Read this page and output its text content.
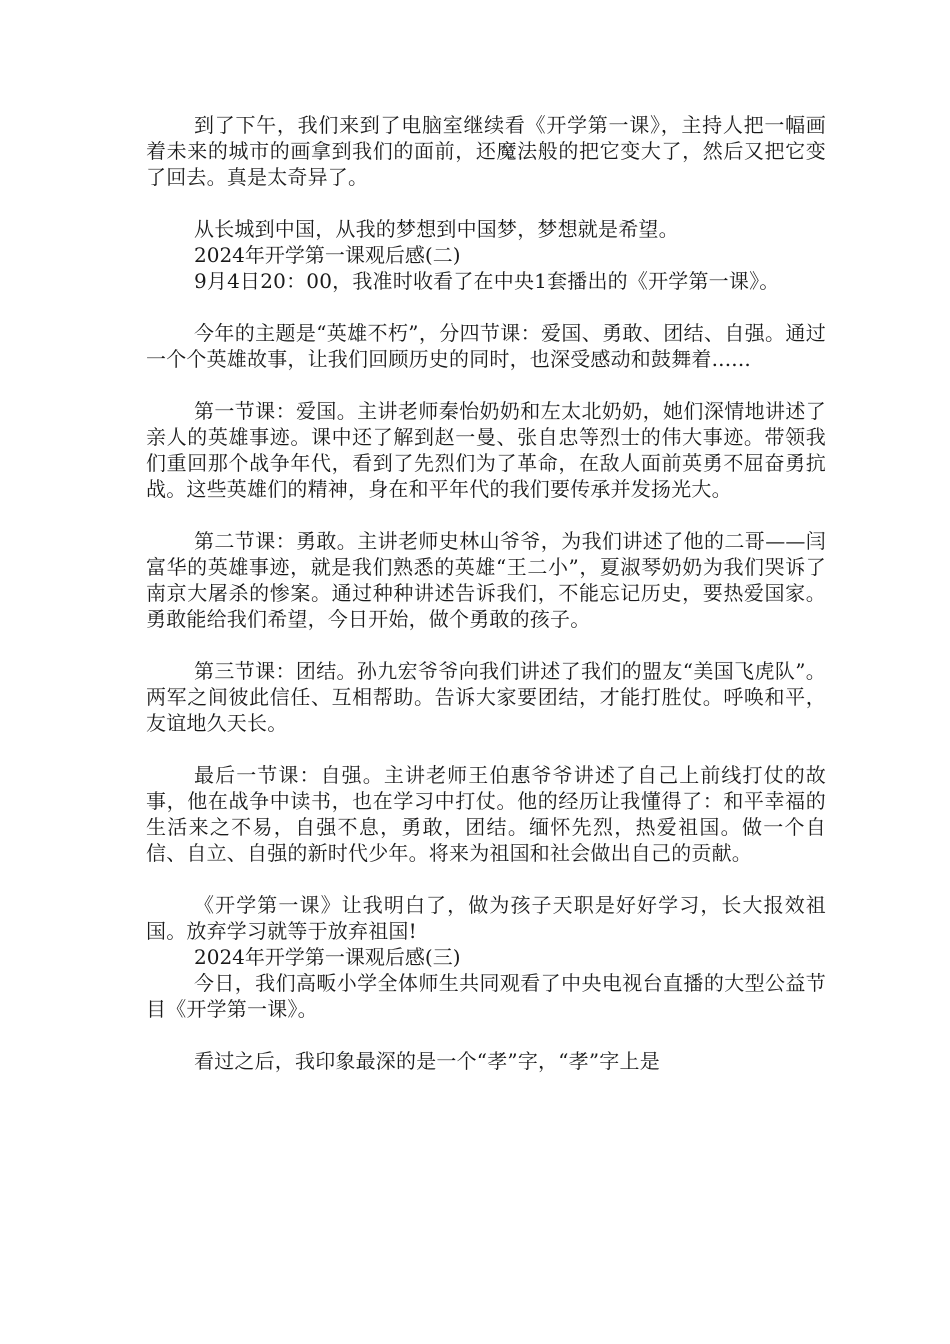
到了下午，我们来到了电脑室继续看《开学第一课》，主持人把一幅画着未来的城市的画拿到我们的面前，还魔法般的把它变大了，然后又把它变了回去。真是太奇异了。

从长城到中国，从我的梦想到中国梦，梦想就是希望。

2024年开学第一课观后感(二)

9月4日20：00，我准时收看了在中央1套播出的《开学第一课》。

今年的主题是“英雄不朽”，分四节课：爱国、勇敢、团结、自强。通过一个个英雄故事，让我们回顾历史的同时，也深受感动和鼓舞着......

第一节课：爱国。主讲老师秦怡奶奶和左太北奶奶，她们深情地讲述了亲人的英雄事迹。课中还了解到赵一曼、张自忠等烈士的伟大事迹。带领我们重回那个战争年代，看到了先烈们为了革命，在敌人面前英勇不屈奋勇抗战。这些英雄们的精神，身在和平年代的我们要传承并发扬光大。

第二节课：勇敢。主讲老师史林山爷爷，为我们讲述了他的二哥——闫富华的英雄事迹，就是我们熟悉的英雄“王二小”，夏淑琴奶奶为我们哭诉了南京大屠杀的惨案。通过种种讲述告诉我们，不能忘记历史，要热爱国家。勇敢能给我们希望，今日开始，做个勇敢的孩子。

第三节课：团结。孙九宏爷爷向我们讲述了我们的盟友“美国飞虎队”。两军之间彼此信任、互相帮助。告诉大家要团结，才能打胜仗。呼唤和平，友谊地久天长。

最后一节课：自强。主讲老师王伯惠爷爷讲述了自己上前线打仗的故事，他在战争中读书，也在学习中打仗。他的经历让我懂得了：和平幸福的生活来之不易，自强不息，勇敢，团结。缅怀先烈，热爱祖国。做一个自信、自立、自强的新时代少年。将来为祖国和社会做出自己的贡献。

《开学第一课》让我明白了，做为孩子天职是好好学习，长大报效祖国。放弃学习就等于放弃祖国!

2024年开学第一课观后感(三)

今日，我们高畈小学全体师生共同观看了中央电视台直播的大型公益节目《开学第一课》。

看过之后，我印象最深的是一个“孝”字，“孝”字上是
